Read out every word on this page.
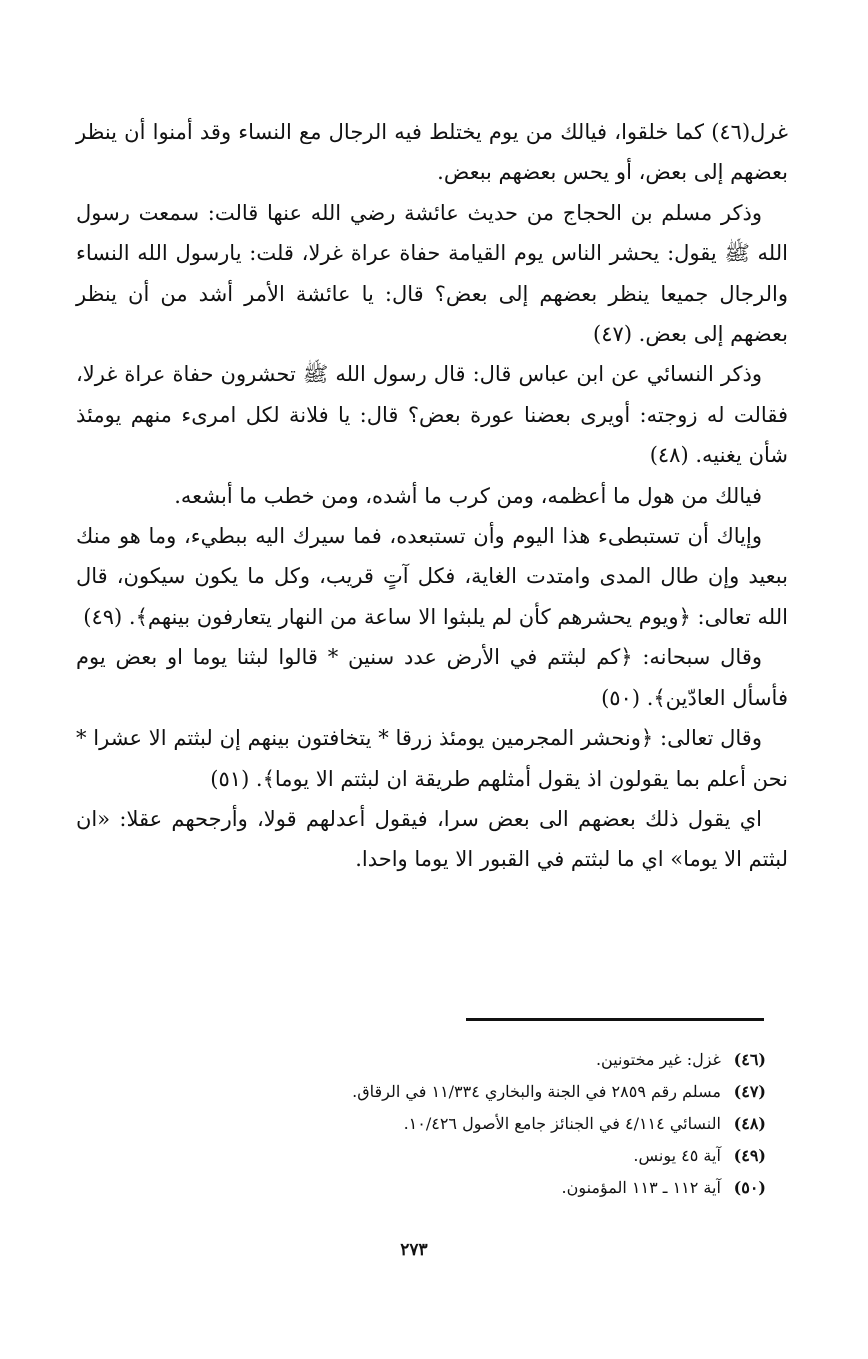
غرل(٤٦) كما خلقوا، فيالك من يوم يختلط فيه الرجال مع النساء وقد أمنوا أن ينظر بعضهم إلى بعض، أو يحس بعضهم ببعض.

وذكر مسلم بن الحجاج من حديث عائشة رضي الله عنها قالت: سمعت رسول الله ﷺ يقول: يحشر الناس يوم القيامة حفاة عراة غرلا، قلت: يارسول الله النساء والرجال جميعا ينظر بعضهم إلى بعض؟ قال: يا عائشة الأمر أشد من أن ينظر بعضهم إلى بعض. (٤٧)

وذكر النسائي عن ابن عباس قال: قال رسول الله ﷺ تحشرون حفاة عراة غرلا، فقالت له زوجته: أويرى بعضنا عورة بعض؟ قال: يا فلانة لكل امرىء منهم يومئذ شأن يغنيه. (٤٨)

فيالك من هول ما أعظمه، ومن كرب ما أشده، ومن خطب ما أبشعه.

وإياك أن تستبطىء هذا اليوم وأن تستبعده، فما سيرك اليه ببطيء، وما هو منك ببعيد وإن طال المدى وامتدت الغاية، فكل آتٍ قريب، وكل ما يكون سيكون، قال الله تعالى: ﴿ويوم يحشرهم كأن لم يلبثوا الا ساعة من النهار يتعارفون بينهم﴾. (٤٩)

وقال سبحانه: ﴿كم لبثتم في الأرض عدد سنين * قالوا لبثنا يوما او بعض يوم فأسأل العادّين﴾. (٥٠)

وقال تعالى: ﴿ونحشر المجرمين يومئذ زرقا * يتخافتون بينهم إن لبثتم الا عشرا * نحن أعلم بما يقولون اذ يقول أمثلهم طريقة ان لبثتم الا يوما﴾. (٥١)

اي يقول ذلك بعضهم الى بعض سرا، فيقول أعدلهم قولا، وأرجحهم عقلا: «ان لبثتم الا يوما» اي ما لبثتم في القبور الا يوما واحدا.

(٤٦) غزل: غير مختونين.
(٤٧) مسلم رقم ٢٨٥٩ في الجنة والبخاري ١١/٣٣٤ في الرقاق.
(٤٨) النسائي ٤/١١٤ في الجنائز جامع الأصول ١٠/٤٢٦.
(٤٩) آية ٤٥ يونس.
(٥٠) آية ١١٢ ـ ١١٣ المؤمنون.
٢٧٣
